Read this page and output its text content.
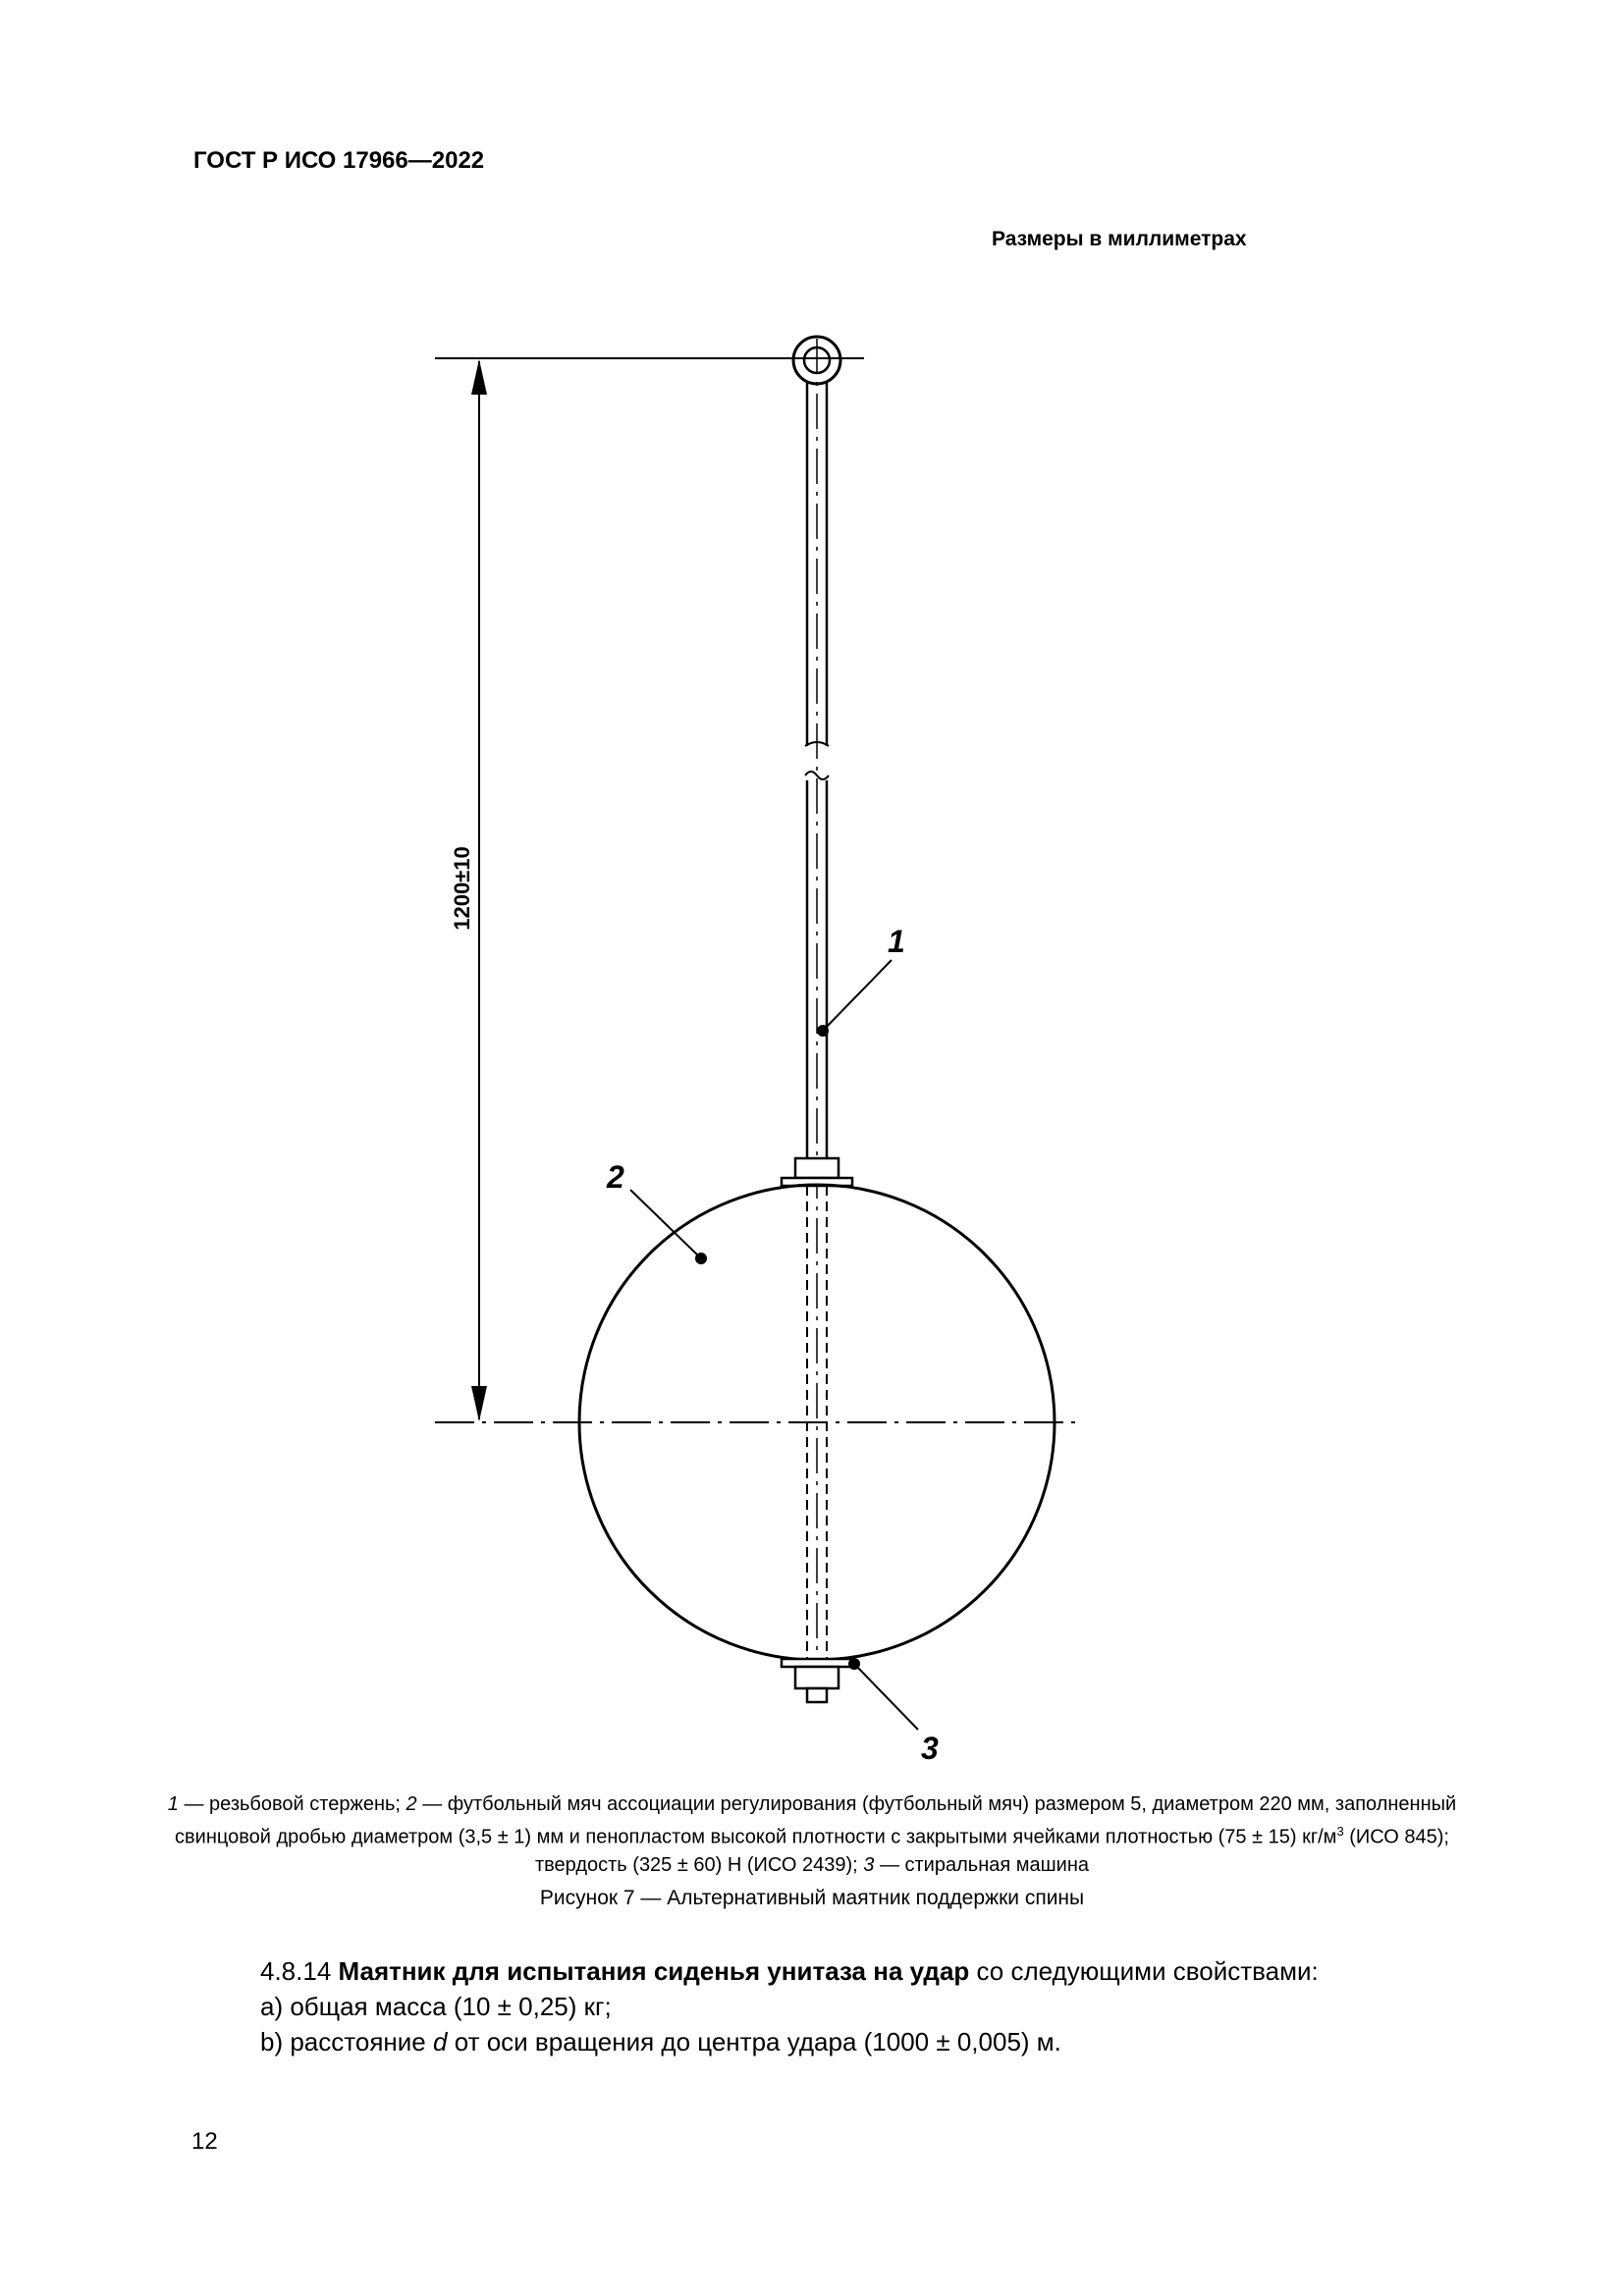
ГОСТ Р ИСО 17966—2022
Размеры в миллиметрах
1200±10
1
2
3
1 — резьбовой стержень; 2 — футбольный мяч ассоциации регулирования (футбольный мяч) размером 5, диаметром 220 мм, заполненный свинцовой дробью диаметром (3,5 ± 1) мм и пенопластом высокой плотности с закрытыми ячейками плотностью (75 ± 15) $кг/м^3$ (ИСО 845); твердость (325 ± 60) Н (ИСО 2439); 3 — стиральная машина
Рисунок 7 — Альтернативный маятник поддержки спины
4.8.14 Маятник для испытания сиденья унитаза на удар со следующими свойствами:
a) общая масса (10 ± 0,25) кг;
b) расстояние d от оси вращения до центра удара (1000 ± 0,005) м.
12
